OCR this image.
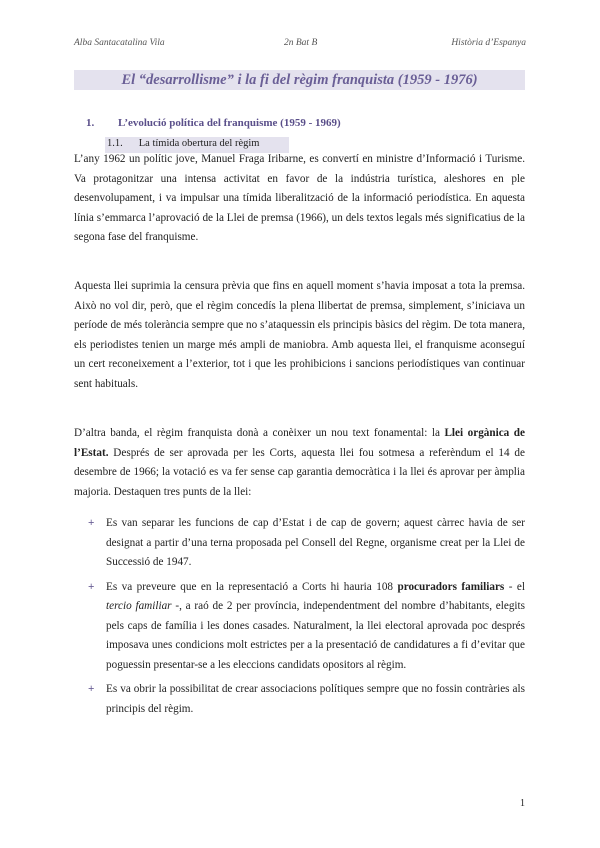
Alba Santacatalina Vila	2n Bat B	Història d’Espanya
El “desarrollisme” i la fi del règim franquista (1959 - 1976)
1. L’evolució política del franquisme (1959 - 1969)
1.1. La tímida obertura del règim

L’any 1962 un polític jove, Manuel Fraga Iribarne, es convertí en ministre d’Informació i Turisme. Va protagonitzar una intensa activitat en favor de la indústria turística, aleshores en ple desenvolupament, i va impulsar una tímida liberalització de la informació periodística. En aquesta línia s’emmarca l’aprovació de la Llei de premsa (1966), un dels textos legals més significatius de la segona fase del franquisme.

Aquesta llei suprimia la censura prèvia que fins en aquell moment s’havia imposat a tota la premsa. Això no vol dir, però, que el règim concedís la plena llibertat de premsa, simplement, s’iniciava un període de més tolerància sempre que no s’ataquessin els principis bàsics del règim. De tota manera, els periodistes tenien un marge més ampli de maniobra. Amb aquesta llei, el franquisme aconseguí un cert reconeixement a l’exterior, tot i que les prohibicions i sancions periodístiques van continuar sent habituals.

D’altra banda, el règim franquista donà a conèixer un nou text fonamental: la Llei orgànica de l’Estat. Després de ser aprovada per les Corts, aquesta llei fou sotmesa a referèndum el 14 de desembre de 1966; la votació es va fer sense cap garantia democràtica i la llei és aprovar per àmplia majoria. Destaquen tres punts de la llei:

+ Es van separar les funcions de cap d’Estat i de cap de govern; aquest càrrec havia de ser designat a partir d’una terna proposada pel Consell del Regne, organisme creat per la Llei de Successió de 1947.
+ Es va preveure que en la representació a Corts hi hauria 108 procuradors familiars - el tercio familiar -, a raó de 2 per província, independentment del nombre d’habitants, elegits pels caps de família i les dones casades. Naturalment, la llei electoral aprovada poc després imposava unes condicions molt estrictes per a la presentació de candidatures a fi d’evitar que poguessin presentar-se a les eleccions candidats opositors al règim.
+ Es va obrir la possibilitat de crear associacions polítiques sempre que no fossin contràries als principis del règim.
1
